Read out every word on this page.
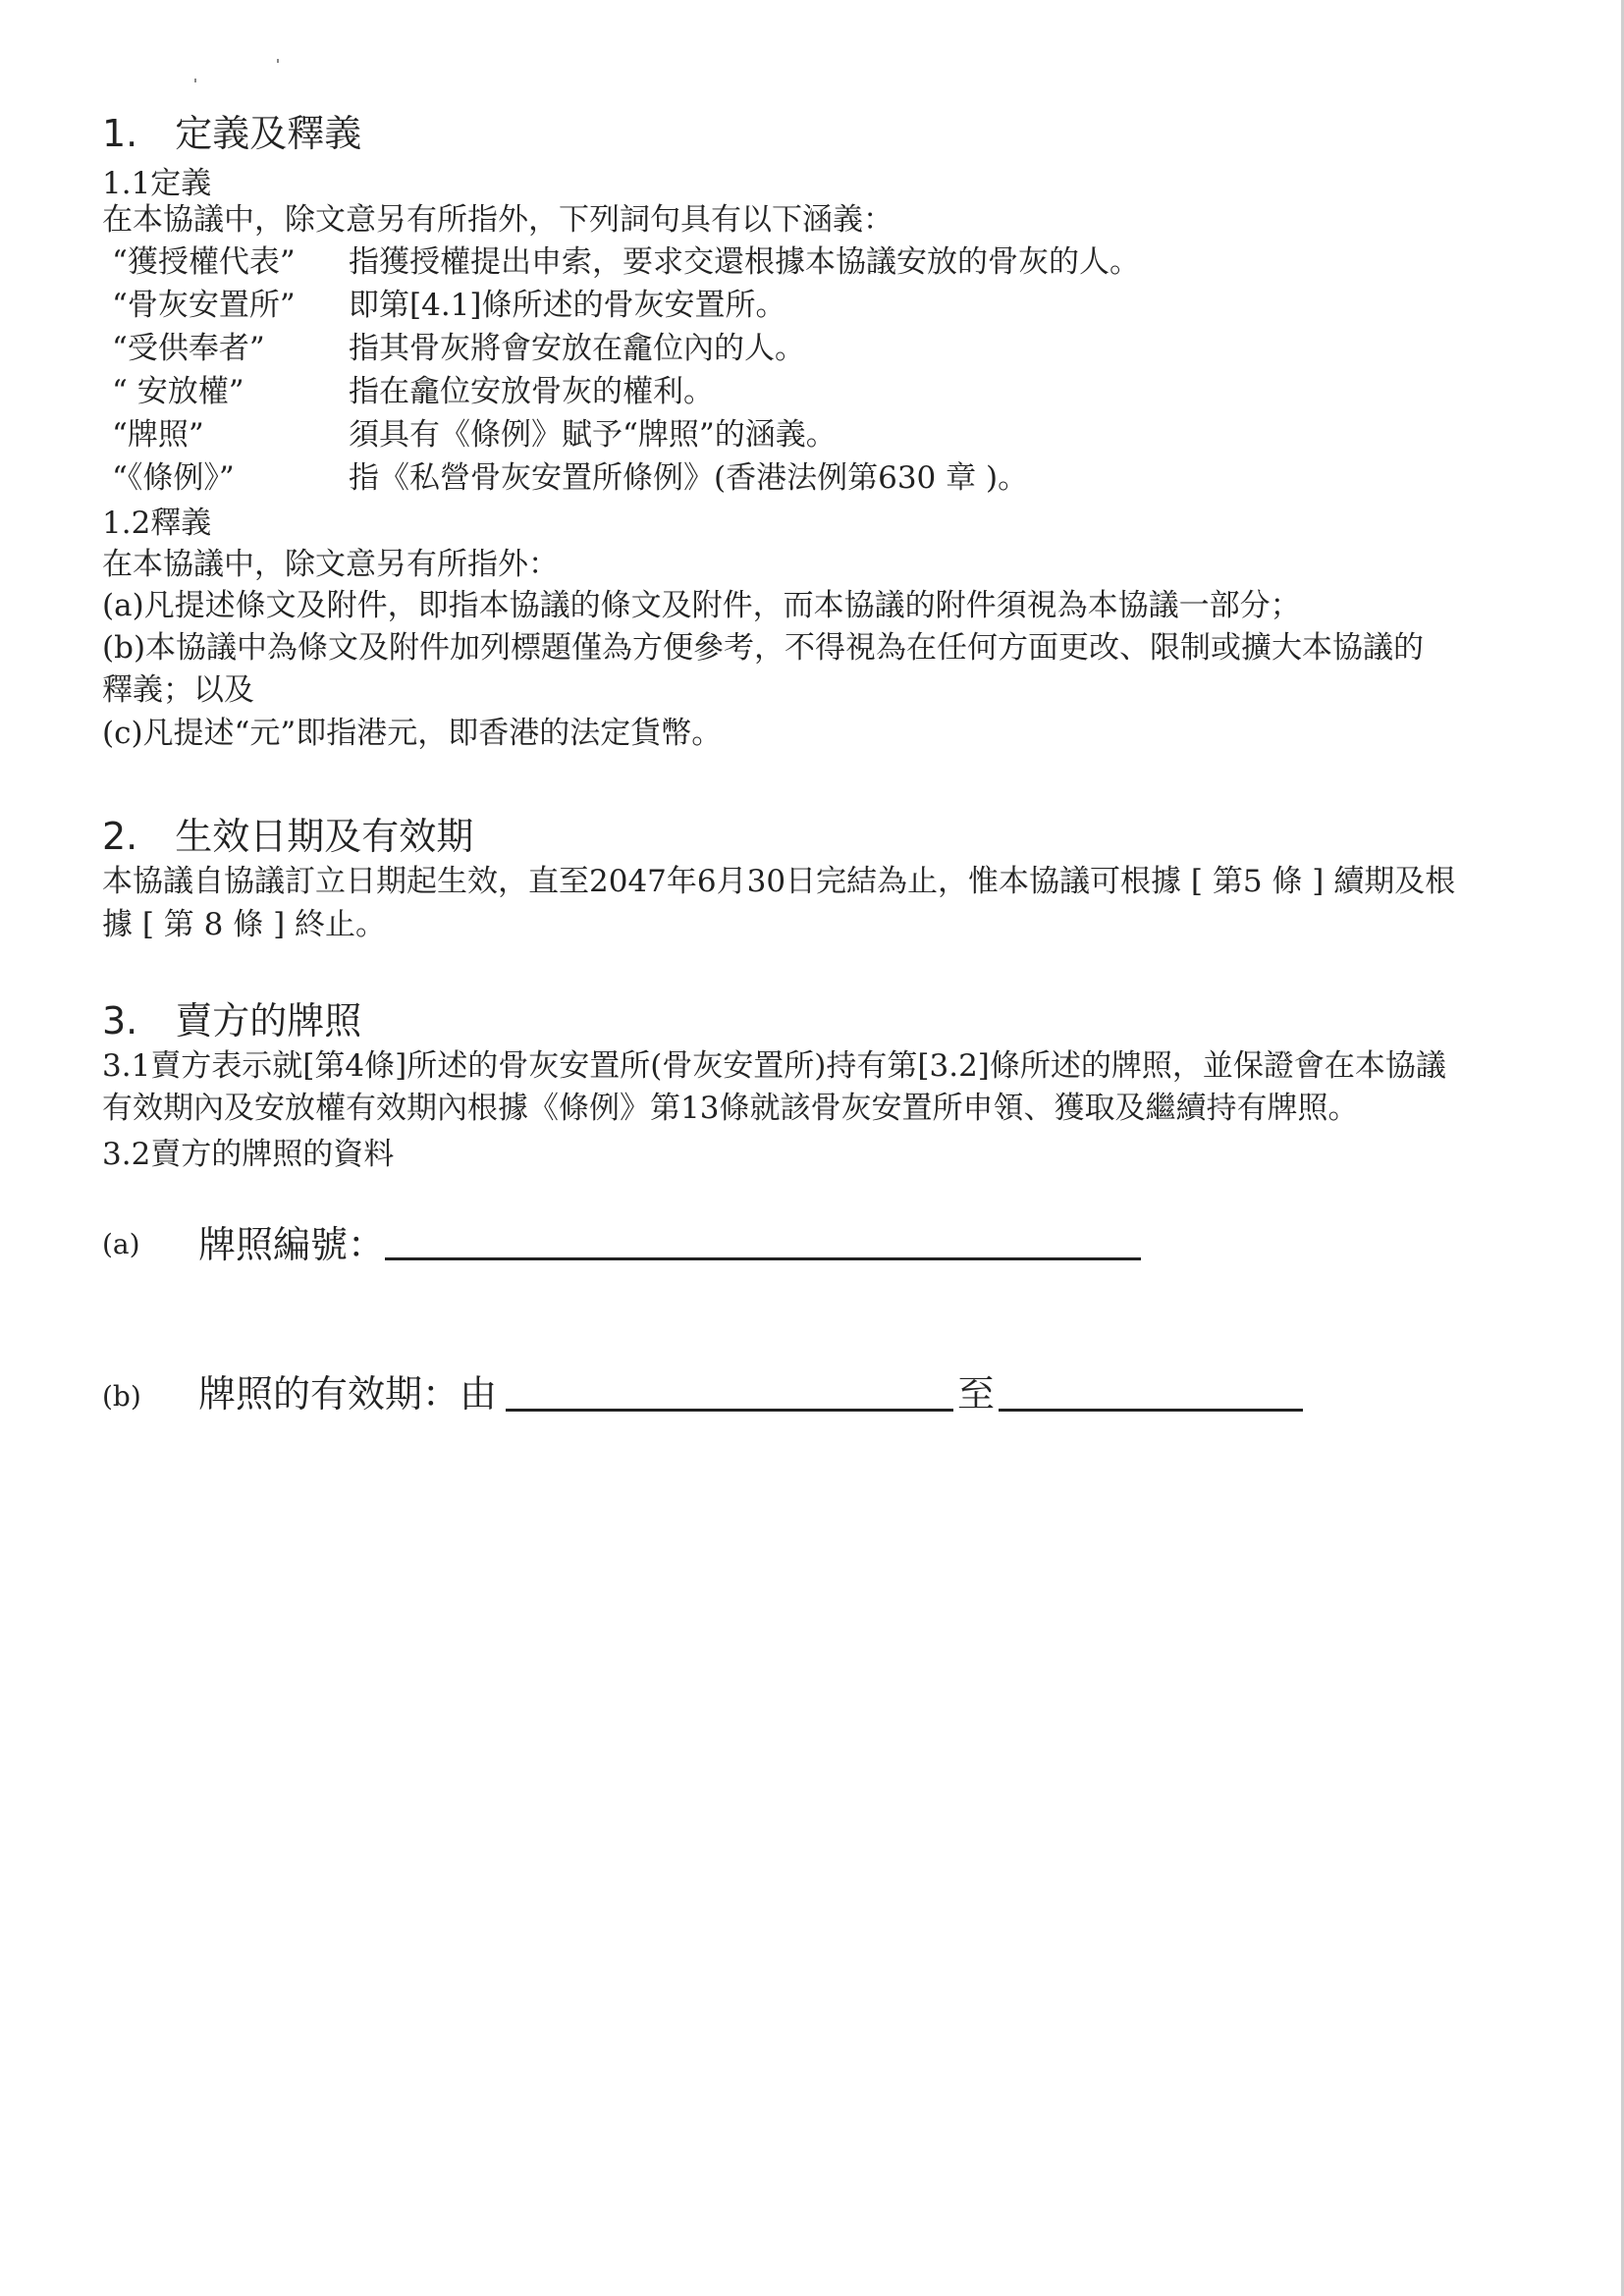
1.　定義及釋義
1.1定義
在本協議中，除文意另有所指外，下列詞句具有以下涵義：
“獲授權代表” 指獲授權提出申索，要求交還根據本協議安放的骨灰的人。
“骨灰安置所” 即第[4.1]條所述的骨灰安置所。
“受供奉者”	指其骨灰將會安放在龕位內的人。
“ 安放權”	指在龕位安放骨灰的權利。
“牌照”	須具有《條例》賦予“牌照”的涵義。
“《條例》”	指《私營骨灰安置所條例》(香港法例第630 章 )。
1.2釋義
在本協議中，除文意另有所指外：
(a)凡提述條文及附件，即指本協議的條文及附件，而本協議的附件須視為本協議一部分；
(b)本協議中為條文及附件加列標題僅為方便參考，不得視為在任何方面更改、限制或擴大本協議的
釋義；以及
(c)凡提述“元”即指港元，即香港的法定貨幣。
2.　生效日期及有效期
本協議自協議訂立日期起生效，直至2047年6月30日完結為止，惟本協議可根據 [ 第5 條 ] 續期及根
據 [ 第 8 條 ] 終止。
3.　賣方的牌照
3.1賣方表示就[第4條]所述的骨灰安置所(骨灰安置所)持有第[3.2]條所述的牌照，並保證會在本協議
有效期內及安放權有效期內根據《條例》第13條就該骨灰安置所申領、獲取及繼續持有牌照。
3.2賣方的牌照的資料
(a) 牌照編號：
(b) 牌照的有效期：由	至
